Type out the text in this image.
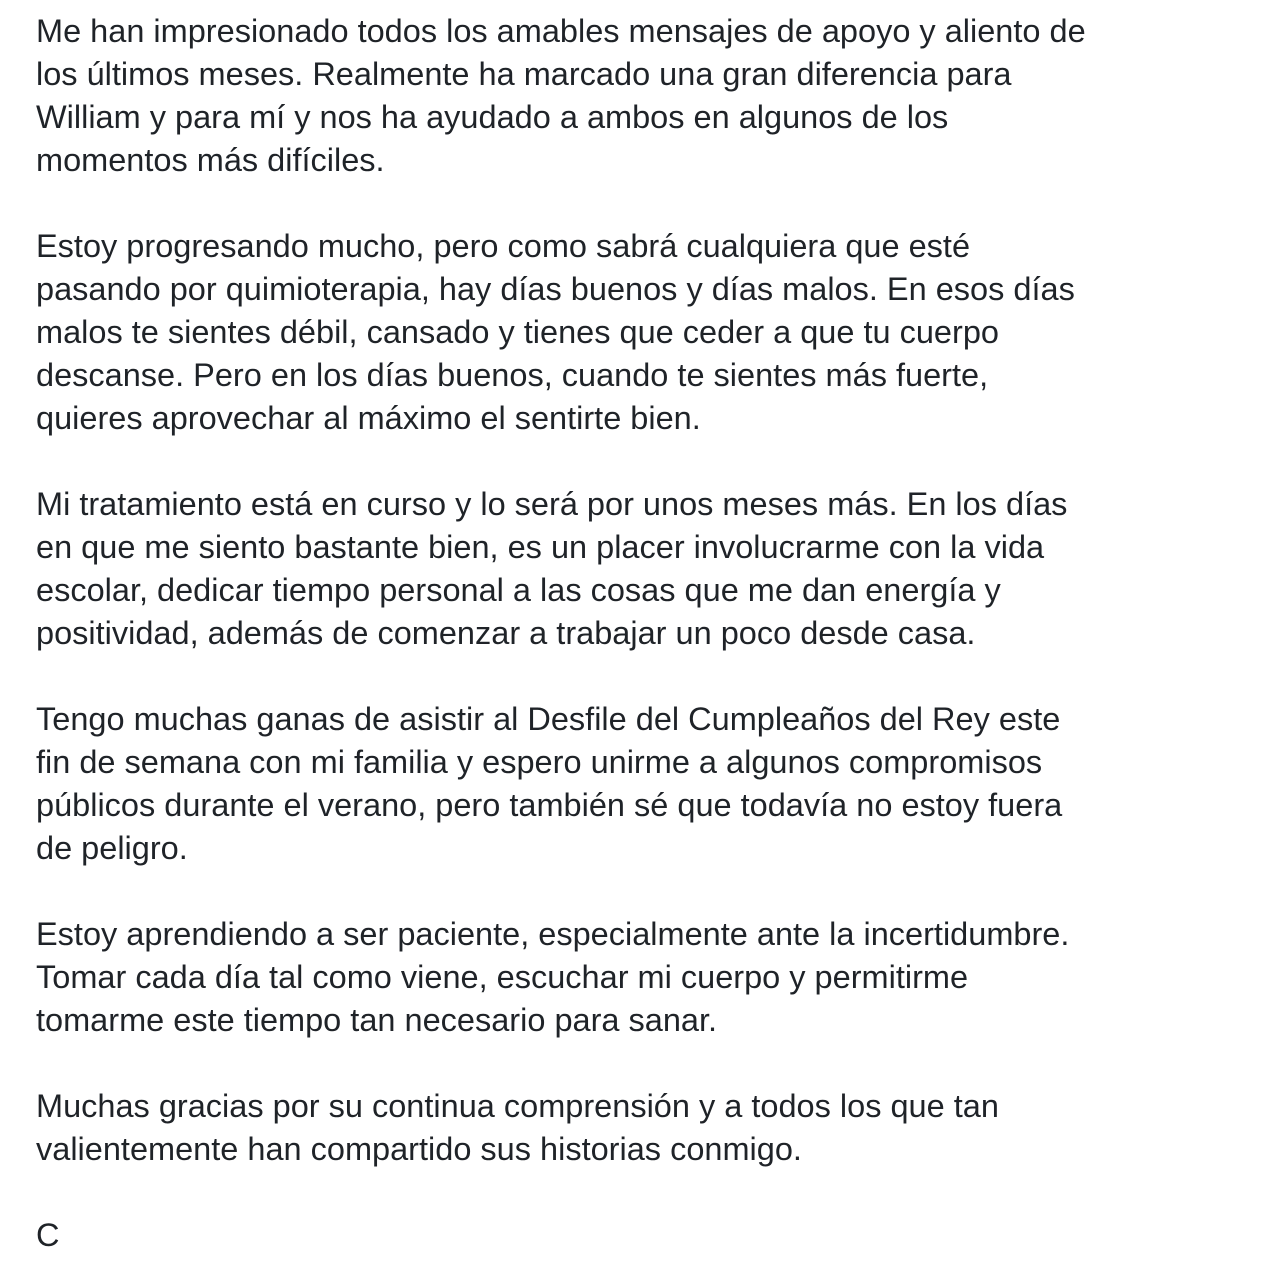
Me han impresionado todos los amables mensajes de apoyo y aliento de
los últimos meses. Realmente ha marcado una gran diferencia para
William y para mí y nos ha ayudado a ambos en algunos de los
momentos más difíciles.

Estoy progresando mucho, pero como sabrá cualquiera que esté
pasando por quimioterapia, hay días buenos y días malos. En esos días
malos te sientes débil, cansado y tienes que ceder a que tu cuerpo
descanse. Pero en los días buenos, cuando te sientes más fuerte,
quieres aprovechar al máximo el sentirte bien.

Mi tratamiento está en curso y lo será por unos meses más. En los días
en que me siento bastante bien, es un placer involucrarme con la vida
escolar, dedicar tiempo personal a las cosas que me dan energía y
positividad, además de comenzar a trabajar un poco desde casa.

Tengo muchas ganas de asistir al Desfile del Cumpleaños del Rey este
fin de semana con mi familia y espero unirme a algunos compromisos
públicos durante el verano, pero también sé que todavía no estoy fuera
de peligro.

Estoy aprendiendo a ser paciente, especialmente ante la incertidumbre.
Tomar cada día tal como viene, escuchar mi cuerpo y permitirme
tomarme este tiempo tan necesario para sanar.

Muchas gracias por su continua comprensión y a todos los que tan
valientemente han compartido sus historias conmigo.

C
